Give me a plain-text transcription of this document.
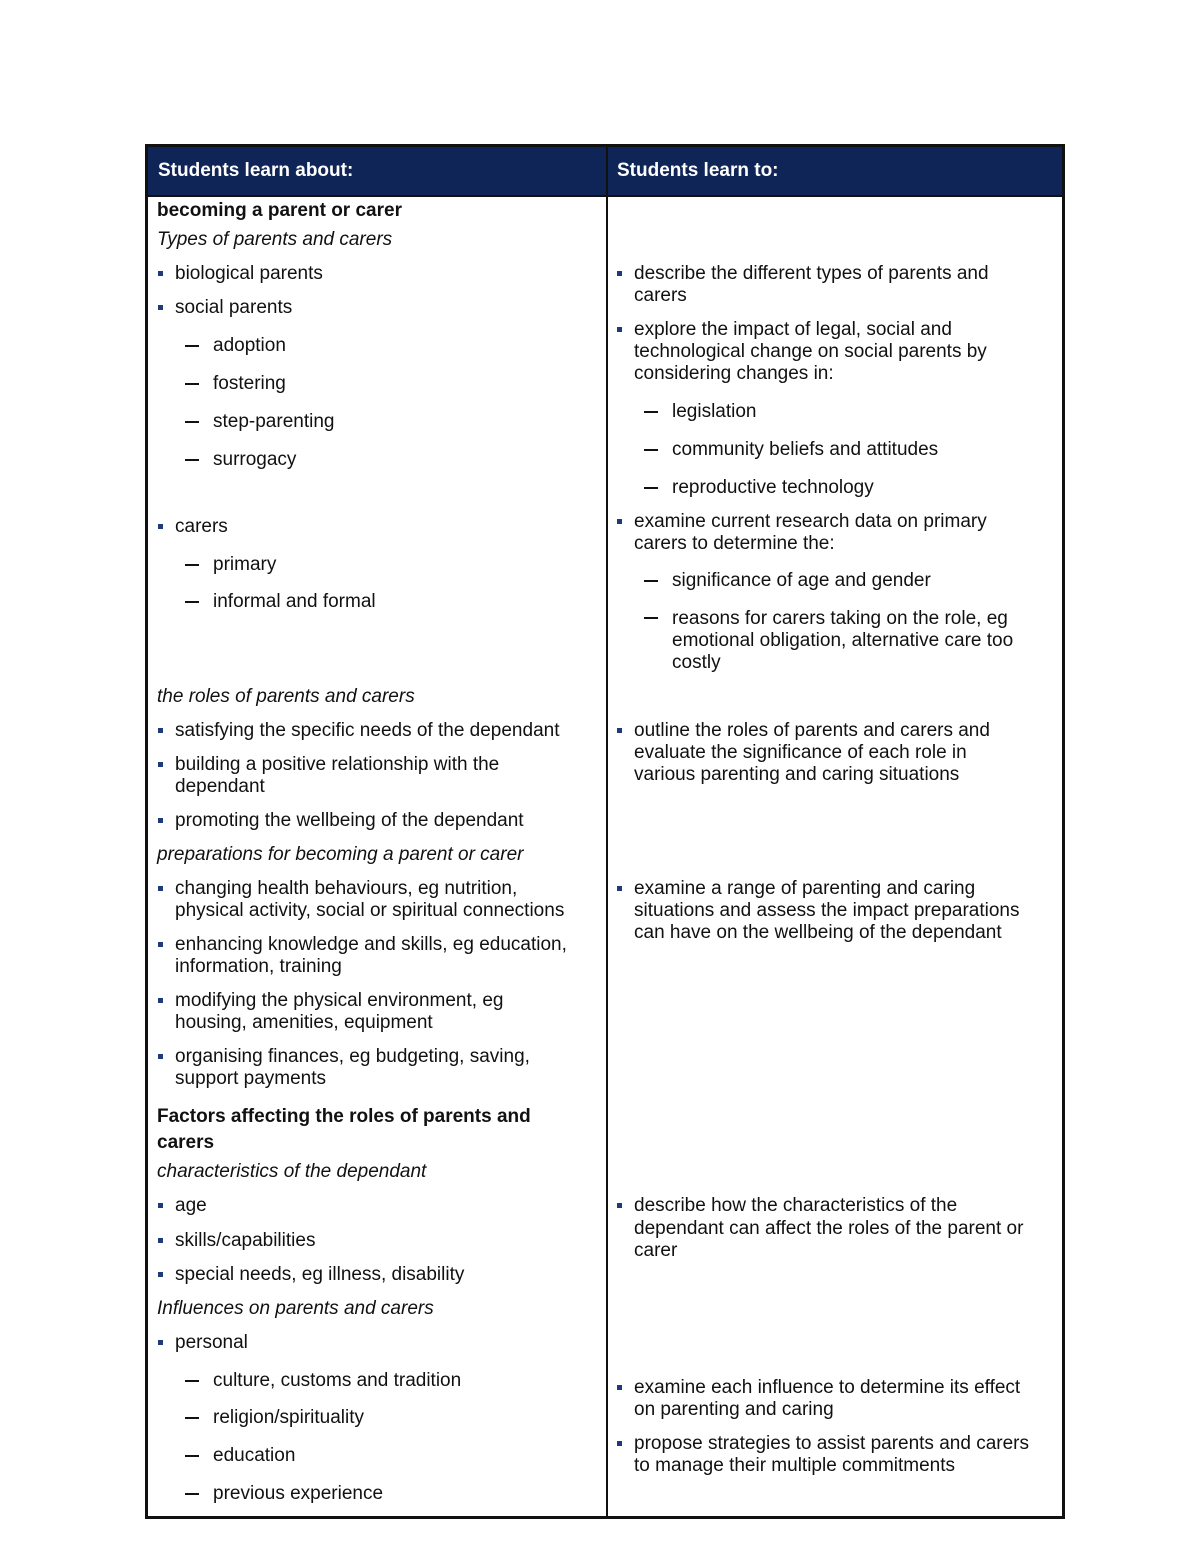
Students learn about:	Students learn to:
becoming a parent or carer
Types of parents and carers
biological parents
social parents
adoption
fostering
step-parenting
surrogacy
carers
primary
informal and formal
the roles of parents and carers
satisfying the specific needs of the dependant
building a positive relationship with the
dependant
promoting the wellbeing of the dependant
preparations for becoming a parent or carer
changing health behaviours, eg nutrition,
physical activity, social or spiritual connections
enhancing knowledge and skills, eg education,
information, training
modifying the physical environment, eg
housing, amenities, equipment
organising finances, eg budgeting, saving,
support payments
Factors affecting the roles of parents and
carers
characteristics of the dependant
age
skills/capabilities
special needs, eg illness, disability
Influences on parents and carers
personal
culture, customs and tradition
religion/spirituality
education
previous experience
describe the different types of parents and
carers
explore the impact of legal, social and
technological change on social parents by
considering changes in:
legislation
community beliefs and attitudes
reproductive technology
examine current research data on primary
carers to determine the:
significance of age and gender
reasons for carers taking on the role, eg
emotional obligation, alternative care too
costly
outline the roles of parents and carers and
evaluate the significance of each role in
various parenting and caring situations
examine a range of parenting and caring
situations and assess the impact preparations
can have on the wellbeing of the dependant
describe how the characteristics of the
dependant can affect the roles of the parent or
carer
examine each influence to determine its effect
on parenting and caring
propose strategies to assist parents and carers
to manage their multiple commitments
